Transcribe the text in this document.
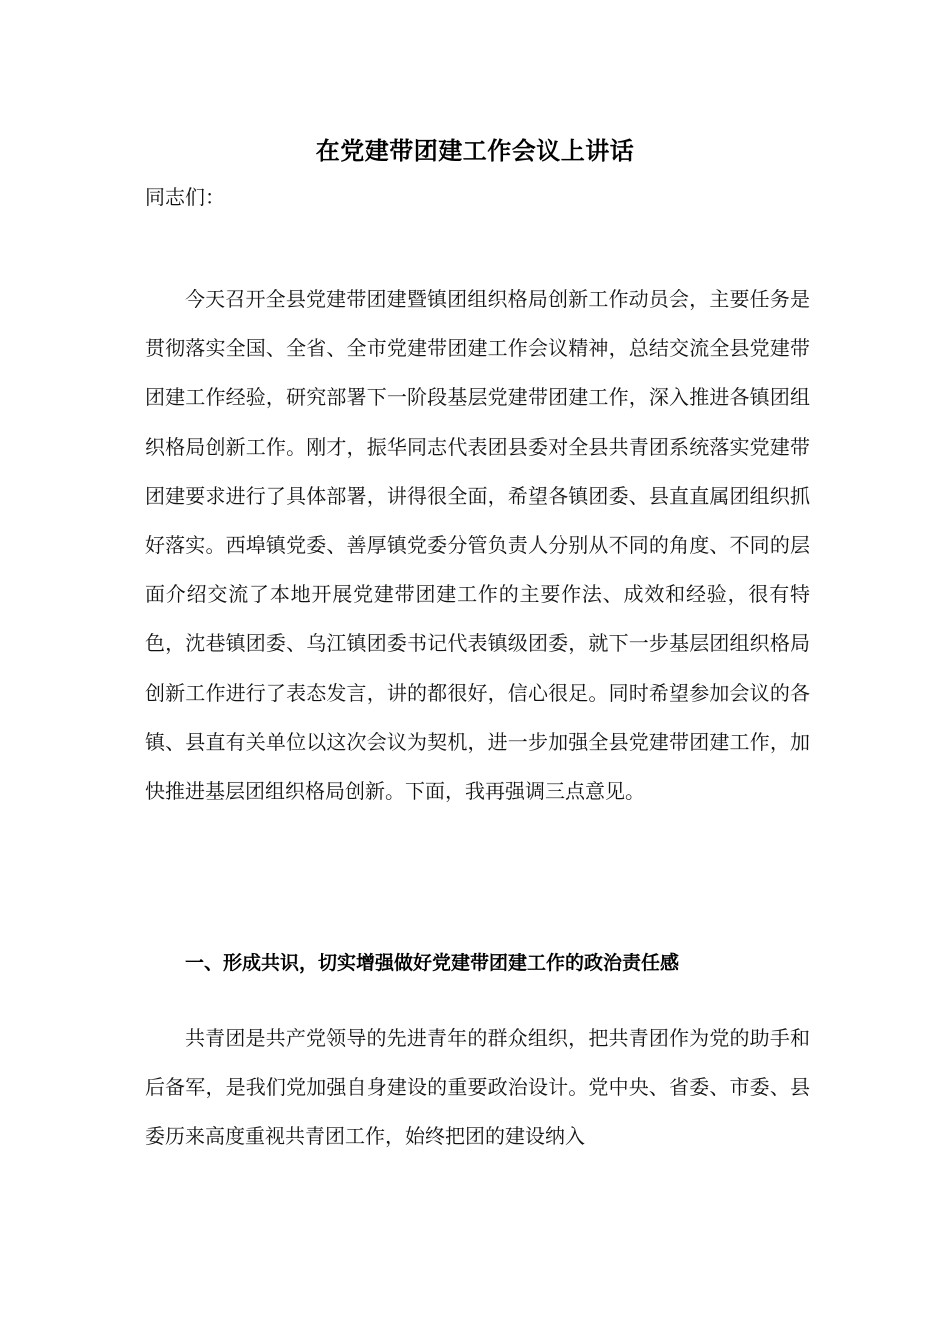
在党建带团建工作会议上讲话
同志们：

今天召开全县党建带团建暨镇团组织格局创新工作动员会，主要任务是贯彻落实全国、全省、全市党建带团建工作会议精神，总结交流全县党建带团建工作经验，研究部署下一阶段基层党建带团建工作，深入推进各镇团组织格局创新工作。刚才，振华同志代表团县委对全县共青团系统落实党建带团建要求进行了具体部署，讲得很全面，希望各镇团委、县直直属团组织抓好落实。西埠镇党委、善厚镇党委分管负责人分别从不同的角度、不同的层面介绍交流了本地开展党建带团建工作的主要作法、成效和经验，很有特色，沈巷镇团委、乌江镇团委书记代表镇级团委，就下一步基层团组织格局创新工作进行了表态发言，讲的都很好，信心很足。同时希望参加会议的各镇、县直有关单位以这次会议为契机，进一步加强全县党建带团建工作，加快推进基层团组织格局创新。下面，我再强调三点意见。

一、形成共识，切实增强做好党建带团建工作的政治责任感

共青团是共产党领导的先进青年的群众组织，把共青团作为党的助手和后备军，是我们党加强自身建设的重要政治设计。党中央、省委、市委、县委历来高度重视共青团工作，始终把团的建设纳入
